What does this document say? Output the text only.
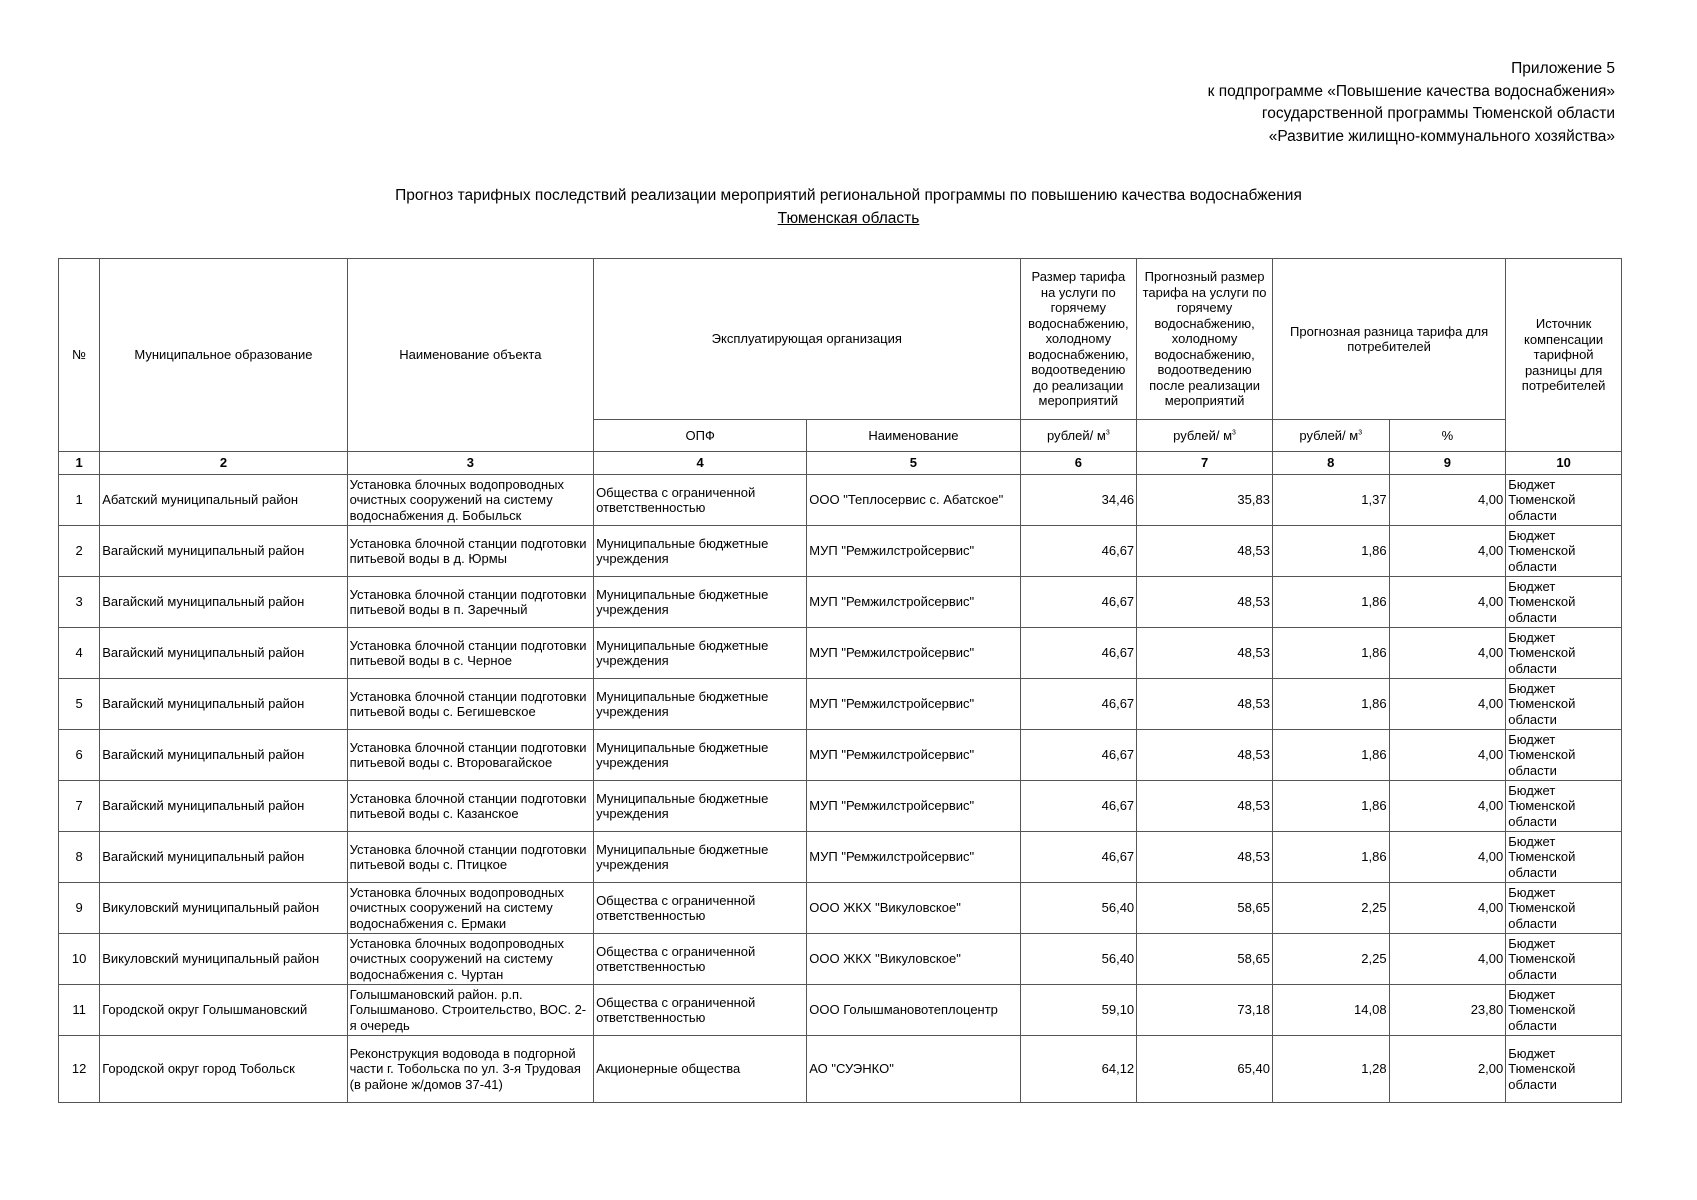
Приложение 5
к подпрограмме «Повышение качества водоснабжения»
государственной программы Тюменской области
«Развитие жилищно-коммунального хозяйства»
Прогноз тарифных последствий реализации мероприятий региональной программы по повышению качества водоснабжения
Тюменская область
№	Муниципальное образование	Наименование объекта	Эксплуатирующая организация		Размер тарифа на услуги по горячему водоснабжению, холодному водоснабжению, водоотведению до реализации мероприятий	Прогнозный размер тарифа на услуги по горячему водоснабжению, холодному водоснабжению, водоотведению после реализации мероприятий	Прогнозная разница тарифа для потребителей		Источник компенсации тарифной разницы для потребителей
			ОПФ	Наименование	рублей/ $м^3$	рублей/ $м^3$	рублей/ $м^3$	%	
1	2	3	4	5	6	7	8	9	10
1	Абатский муниципальный район	Установка блочных водопроводных очистных сооружений на систему водоснабжения д. Бобыльск	Общества с ограниченной ответственностью	ООО "Теплосервис с. Абатское"	34,46	35,83	1,37	4,00	Бюджет Тюменской области
2	Вагайский муниципальный район	Установка блочной станции подготовки питьевой воды в д. Юрмы	Муниципальные бюджетные учреждения	МУП "Ремжилстройсервис"	46,67	48,53	1,86	4,00	Бюджет Тюменской области
3	Вагайский муниципальный район	Установка блочной станции подготовки питьевой воды в п. Заречный	Муниципальные бюджетные учреждения	МУП "Ремжилстройсервис"	46,67	48,53	1,86	4,00	Бюджет Тюменской области
4	Вагайский муниципальный район	Установка блочной станции подготовки питьевой воды в с. Черное	Муниципальные бюджетные учреждения	МУП "Ремжилстройсервис"	46,67	48,53	1,86	4,00	Бюджет Тюменской области
5	Вагайский муниципальный район	Установка блочной станции подготовки питьевой воды с. Бегишевское	Муниципальные бюджетные учреждения	МУП "Ремжилстройсервис"	46,67	48,53	1,86	4,00	Бюджет Тюменской области
6	Вагайский муниципальный район	Установка блочной станции подготовки питьевой воды с. Второвагайское	Муниципальные бюджетные учреждения	МУП "Ремжилстройсервис"	46,67	48,53	1,86	4,00	Бюджет Тюменской области
7	Вагайский муниципальный район	Установка блочной станции подготовки питьевой воды с. Казанское	Муниципальные бюджетные учреждения	МУП "Ремжилстройсервис"	46,67	48,53	1,86	4,00	Бюджет Тюменской области
8	Вагайский муниципальный район	Установка блочной станции подготовки питьевой воды с. Птицкое	Муниципальные бюджетные учреждения	МУП "Ремжилстройсервис"	46,67	48,53	1,86	4,00	Бюджет Тюменской области
9	Викуловский муниципальный район	Установка блочных водопроводных очистных сооружений на систему водоснабжения с. Ермаки	Общества с ограниченной ответственностью	ООО ЖКХ "Викуловское"	56,40	58,65	2,25	4,00	Бюджет Тюменской области
10	Викуловский муниципальный район	Установка блочных водопроводных очистных сооружений на систему водоснабжения с. Чуртан	Общества с ограниченной ответственностью	ООО ЖКХ "Викуловское"	56,40	58,65	2,25	4,00	Бюджет Тюменской области
11	Городской округ Голышмановский	Голышмановский район. р.п. Голышманово. Строительство, ВОС. 2-я очередь	Общества с ограниченной ответственностью	ООО Голышмановотеплоцентр	59,10	73,18	14,08	23,80	Бюджет Тюменской области
12	Городской округ город Тобольск	Реконструкция водовода в подгорной части г. Тобольска по ул. 3-я Трудовая (в районе ж/домов 37-41)	Акционерные общества	АО "СУЭНКО"	64,12	65,40	1,28	2,00	Бюджет Тюменской области
